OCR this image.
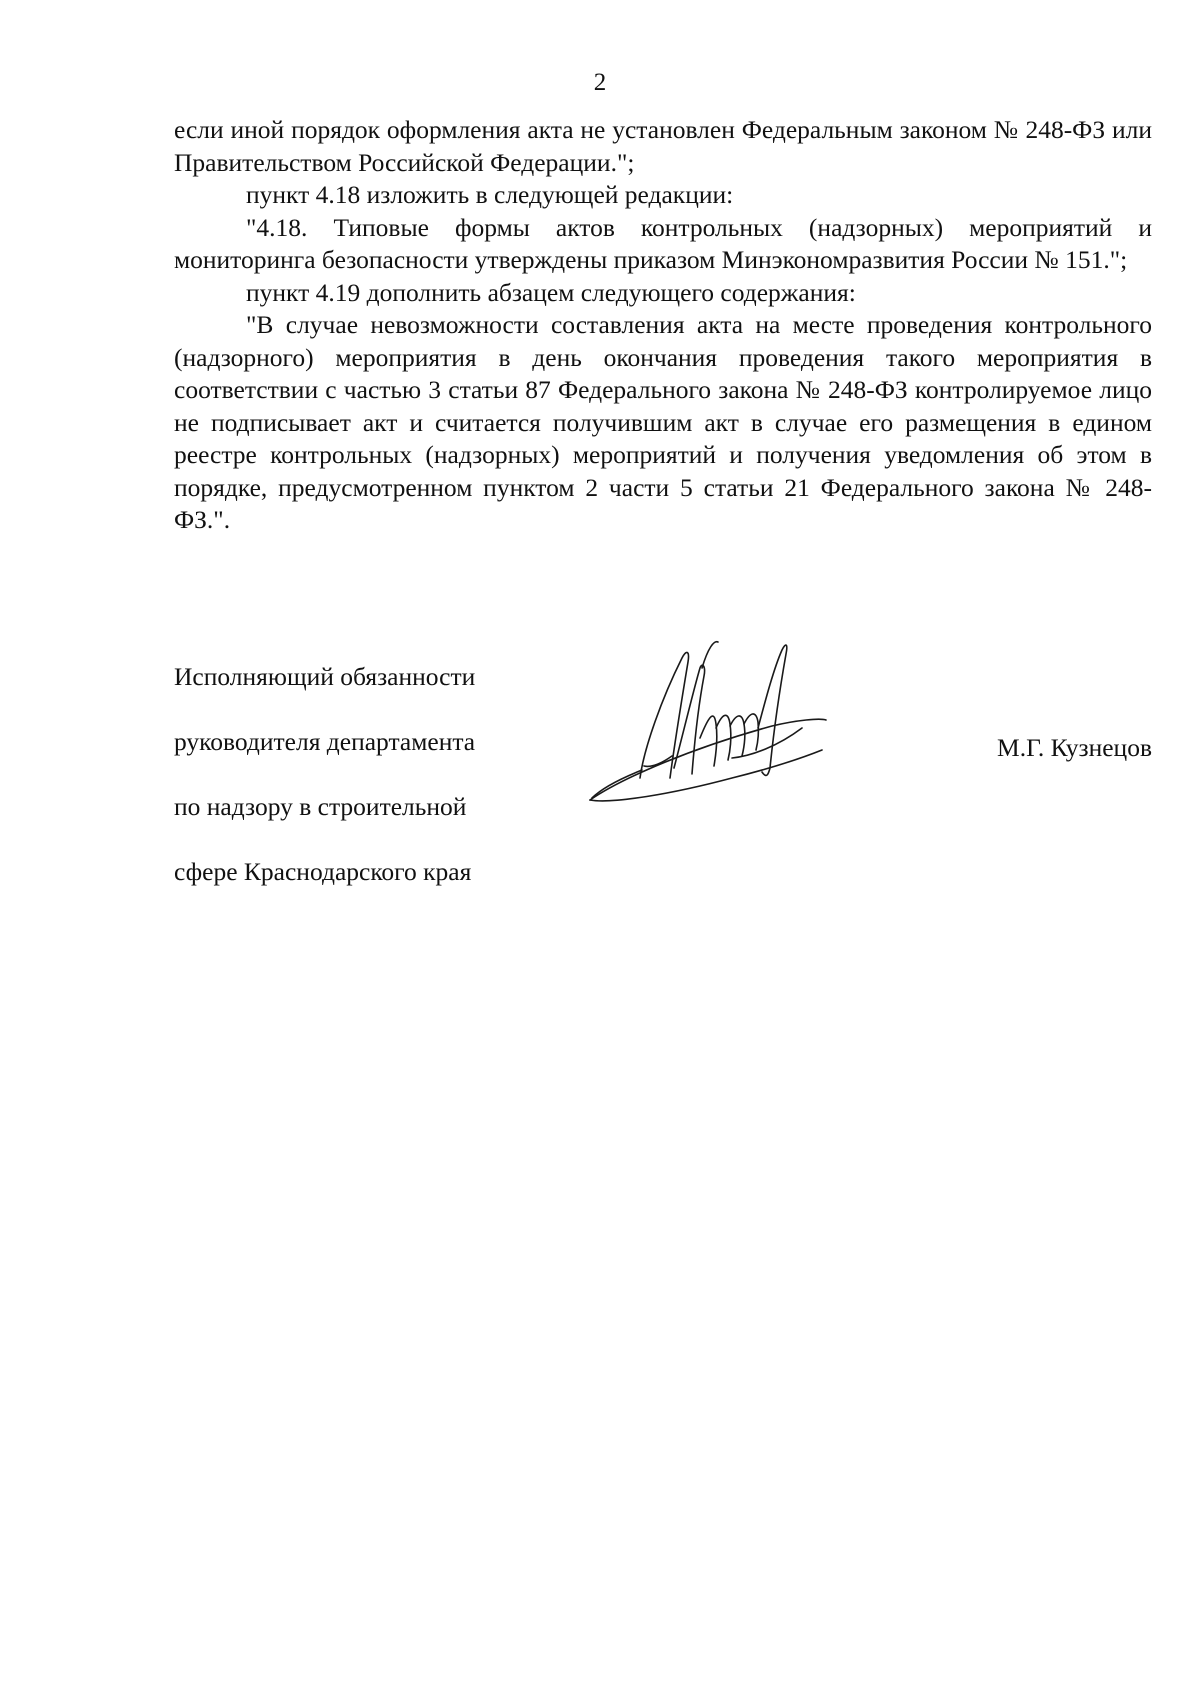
2

если иной порядок оформления акта не установлен Федеральным законом № 248-ФЗ или Правительством Российской Федерации.";

пункт 4.18 изложить в следующей редакции:

"4.18. Типовые формы актов контрольных (надзорных) мероприятий и мониторинга безопасности утверждены приказом Минэкономразвития России № 151.";

пункт 4.19 дополнить абзацем следующего содержания:

"В случае невозможности составления акта на месте проведения контрольного (надзорного) мероприятия в день окончания проведения такого мероприятия в соответствии с частью 3 статьи 87 Федерального закона № 248-ФЗ контролируемое лицо не подписывает акт и считается получившим акт в случае его размещения в едином реестре контрольных (надзорных) мероприятий и получения уведомления об этом в порядке, предусмотренном пунктом 2 части 5 статьи 21 Федерального закона № 248-ФЗ.".

Исполняющий обязанности

руководителя департамента

по надзору в строительной

сфере Краснодарского края

М.Г. Кузнецов
